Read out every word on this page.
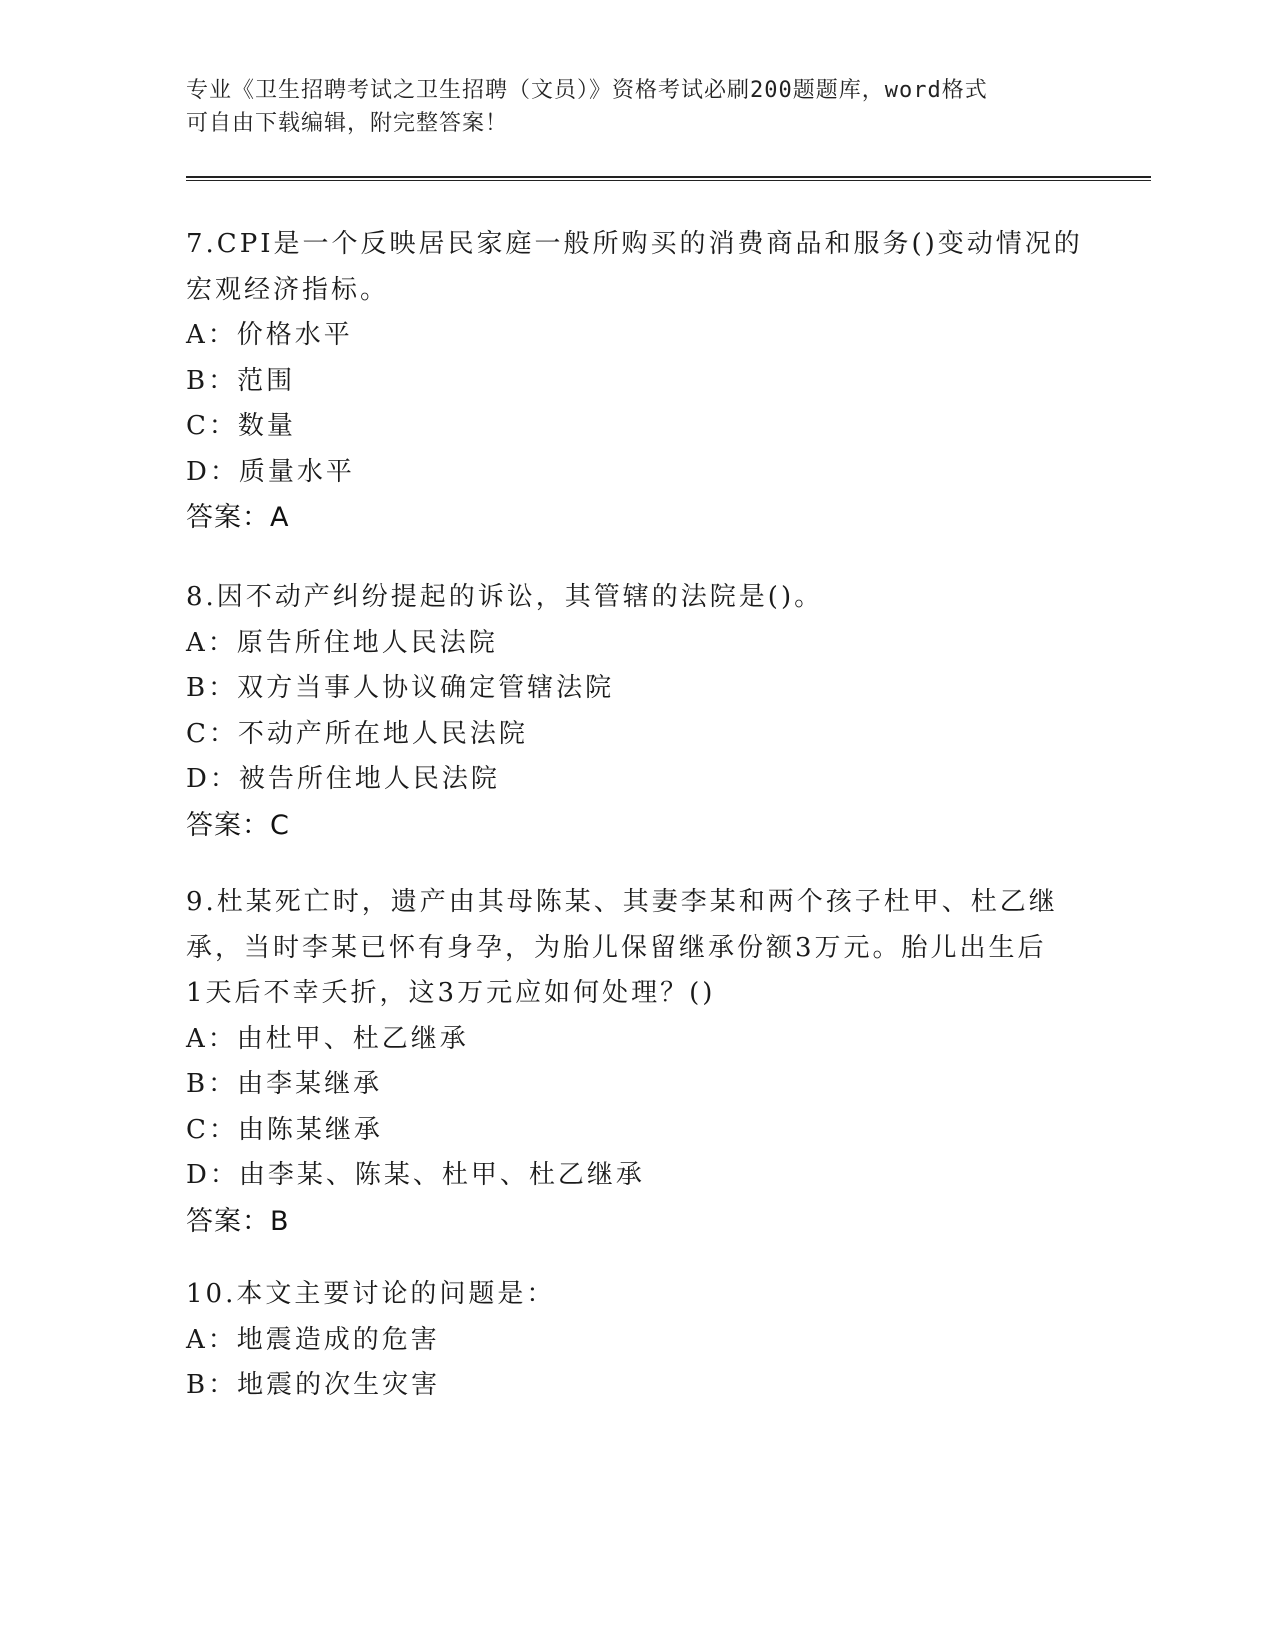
专业《卫生招聘考试之卫生招聘（文员）》资格考试必刷200题题库，word格式
可自由下载编辑，附完整答案！
7.CPI是一个反映居民家庭一般所购买的消费商品和服务()变动情况的
宏观经济指标。
A：价格水平
B：范围
C：数量
D：质量水平
答案：A
8.因不动产纠纷提起的诉讼，其管辖的法院是()。
A：原告所住地人民法院
B：双方当事人协议确定管辖法院
C：不动产所在地人民法院
D：被告所住地人民法院
答案：C
9.杜某死亡时，遗产由其母陈某、其妻李某和两个孩子杜甲、杜乙继
承，当时李某已怀有身孕，为胎儿保留继承份额3万元。胎儿出生后
1天后不幸夭折，这3万元应如何处理？()
A：由杜甲、杜乙继承
B：由李某继承
C：由陈某继承
D：由李某、陈某、杜甲、杜乙继承
答案：B
10.本文主要讨论的问题是：
A：地震造成的危害
B：地震的次生灾害
